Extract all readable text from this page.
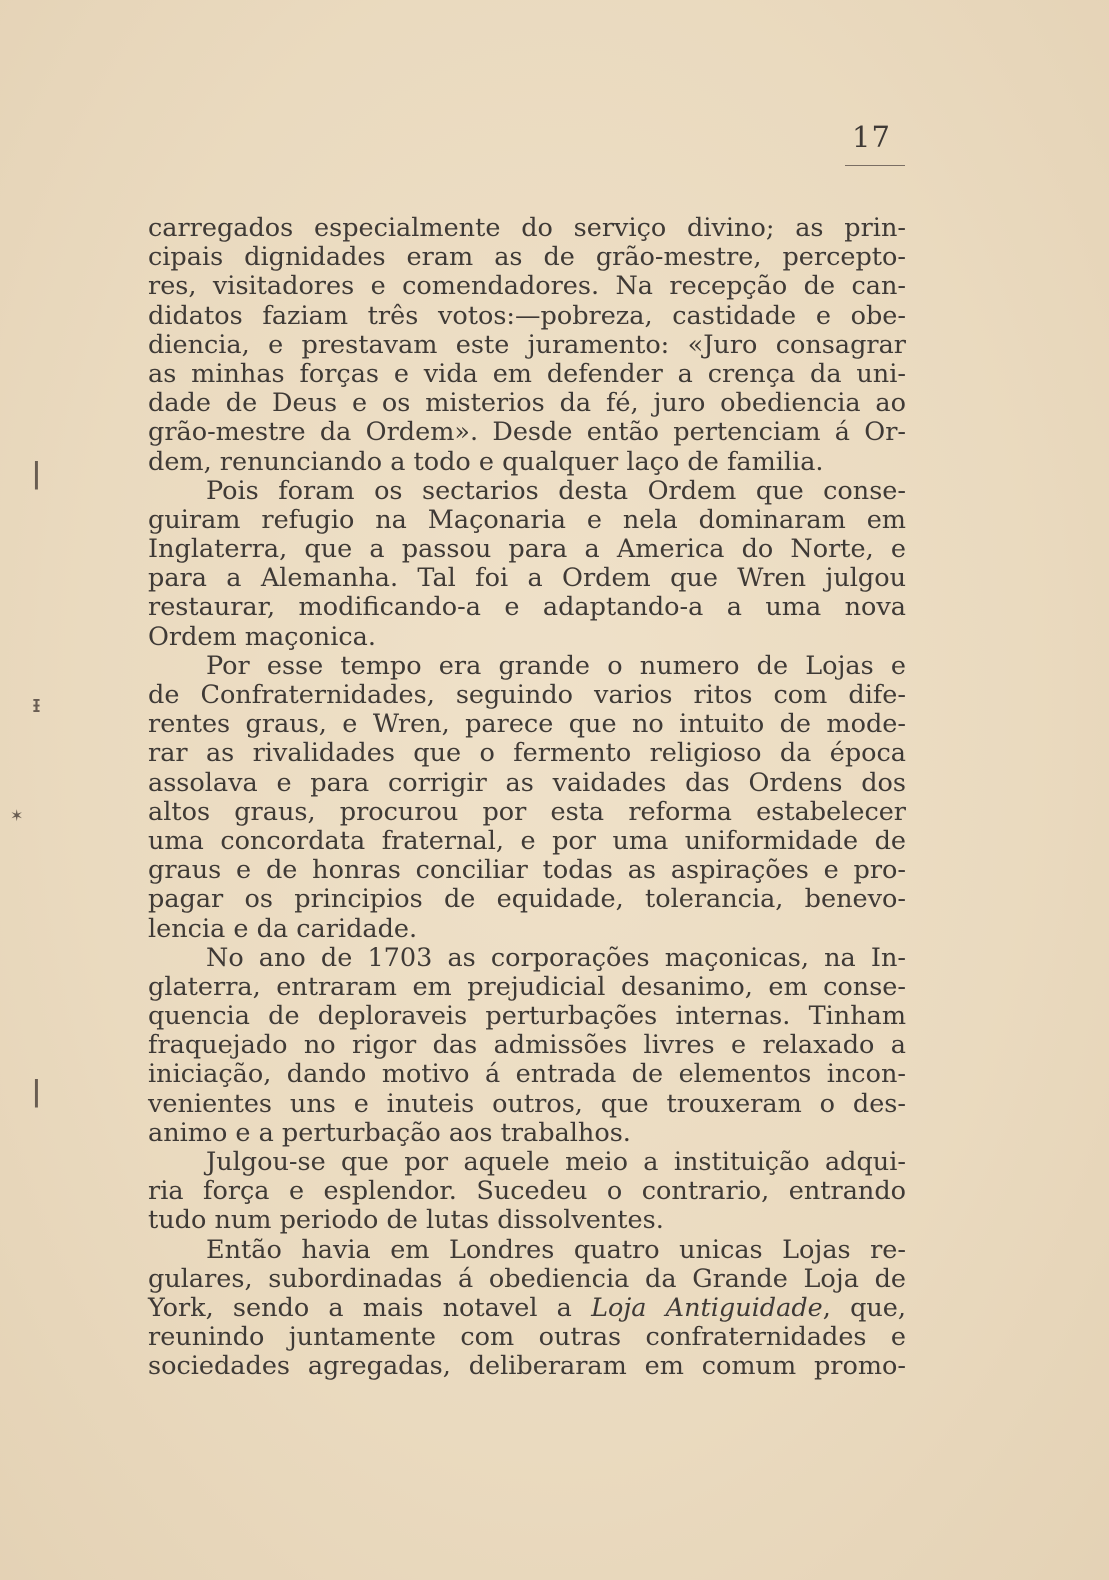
17
ǀ
ᵻ
✶
ǀ
carregados especialmente do serviço divino; as prin-
cipais dignidades eram as de grão-mestre, percepto-
res, visitadores e comendadores. Na recepção de can-
didatos faziam três votos:—pobreza, castidade e obe-
diencia, e prestavam este juramento: «Juro consagrar
as minhas forças e vida em defender a crença da uni-
dade de Deus e os misterios da fé, juro obediencia ao
grão-mestre da Ordem». Desde então pertenciam á Or-
dem, renunciando a todo e qualquer laço de familia.
Pois foram os sectarios desta Ordem que conse-
guiram refugio na Maçonaria e nela dominaram em
Inglaterra, que a passou para a America do Norte, e
para a Alemanha. Tal foi a Ordem que Wren julgou
restaurar, modificando-a e adaptando-a a uma nova
Ordem maçonica.
Por esse tempo era grande o numero de Lojas e
de Confraternidades, seguindo varios ritos com dife-
rentes graus, e Wren, parece que no intuito de mode-
rar as rivalidades que o fermento religioso da época
assolava e para corrigir as vaidades das Ordens dos
altos graus, procurou por esta reforma estabelecer
uma concordata fraternal, e por uma uniformidade de
graus e de honras conciliar todas as aspirações e pro-
pagar os principios de equidade, tolerancia, benevo-
lencia e da caridade.
No ano de 1703 as corporações maçonicas, na In-
glaterra, entraram em prejudicial desanimo, em conse-
quencia de deploraveis perturbações internas. Tinham
fraquejado no rigor das admissões livres e relaxado a
iniciação, dando motivo á entrada de elementos incon-
venientes uns e inuteis outros, que trouxeram o des-
animo e a perturbação aos trabalhos.
Julgou-se que por aquele meio a instituição adqui-
ria força e esplendor. Sucedeu o contrario, entrando
tudo num periodo de lutas dissolventes.
Então havia em Londres quatro unicas Lojas re-
gulares, subordinadas á obediencia da Grande Loja de
York, sendo a mais notavel a Loja Antiguidade, que,
reunindo juntamente com outras confraternidades e
sociedades agregadas, deliberaram em comum promo-
